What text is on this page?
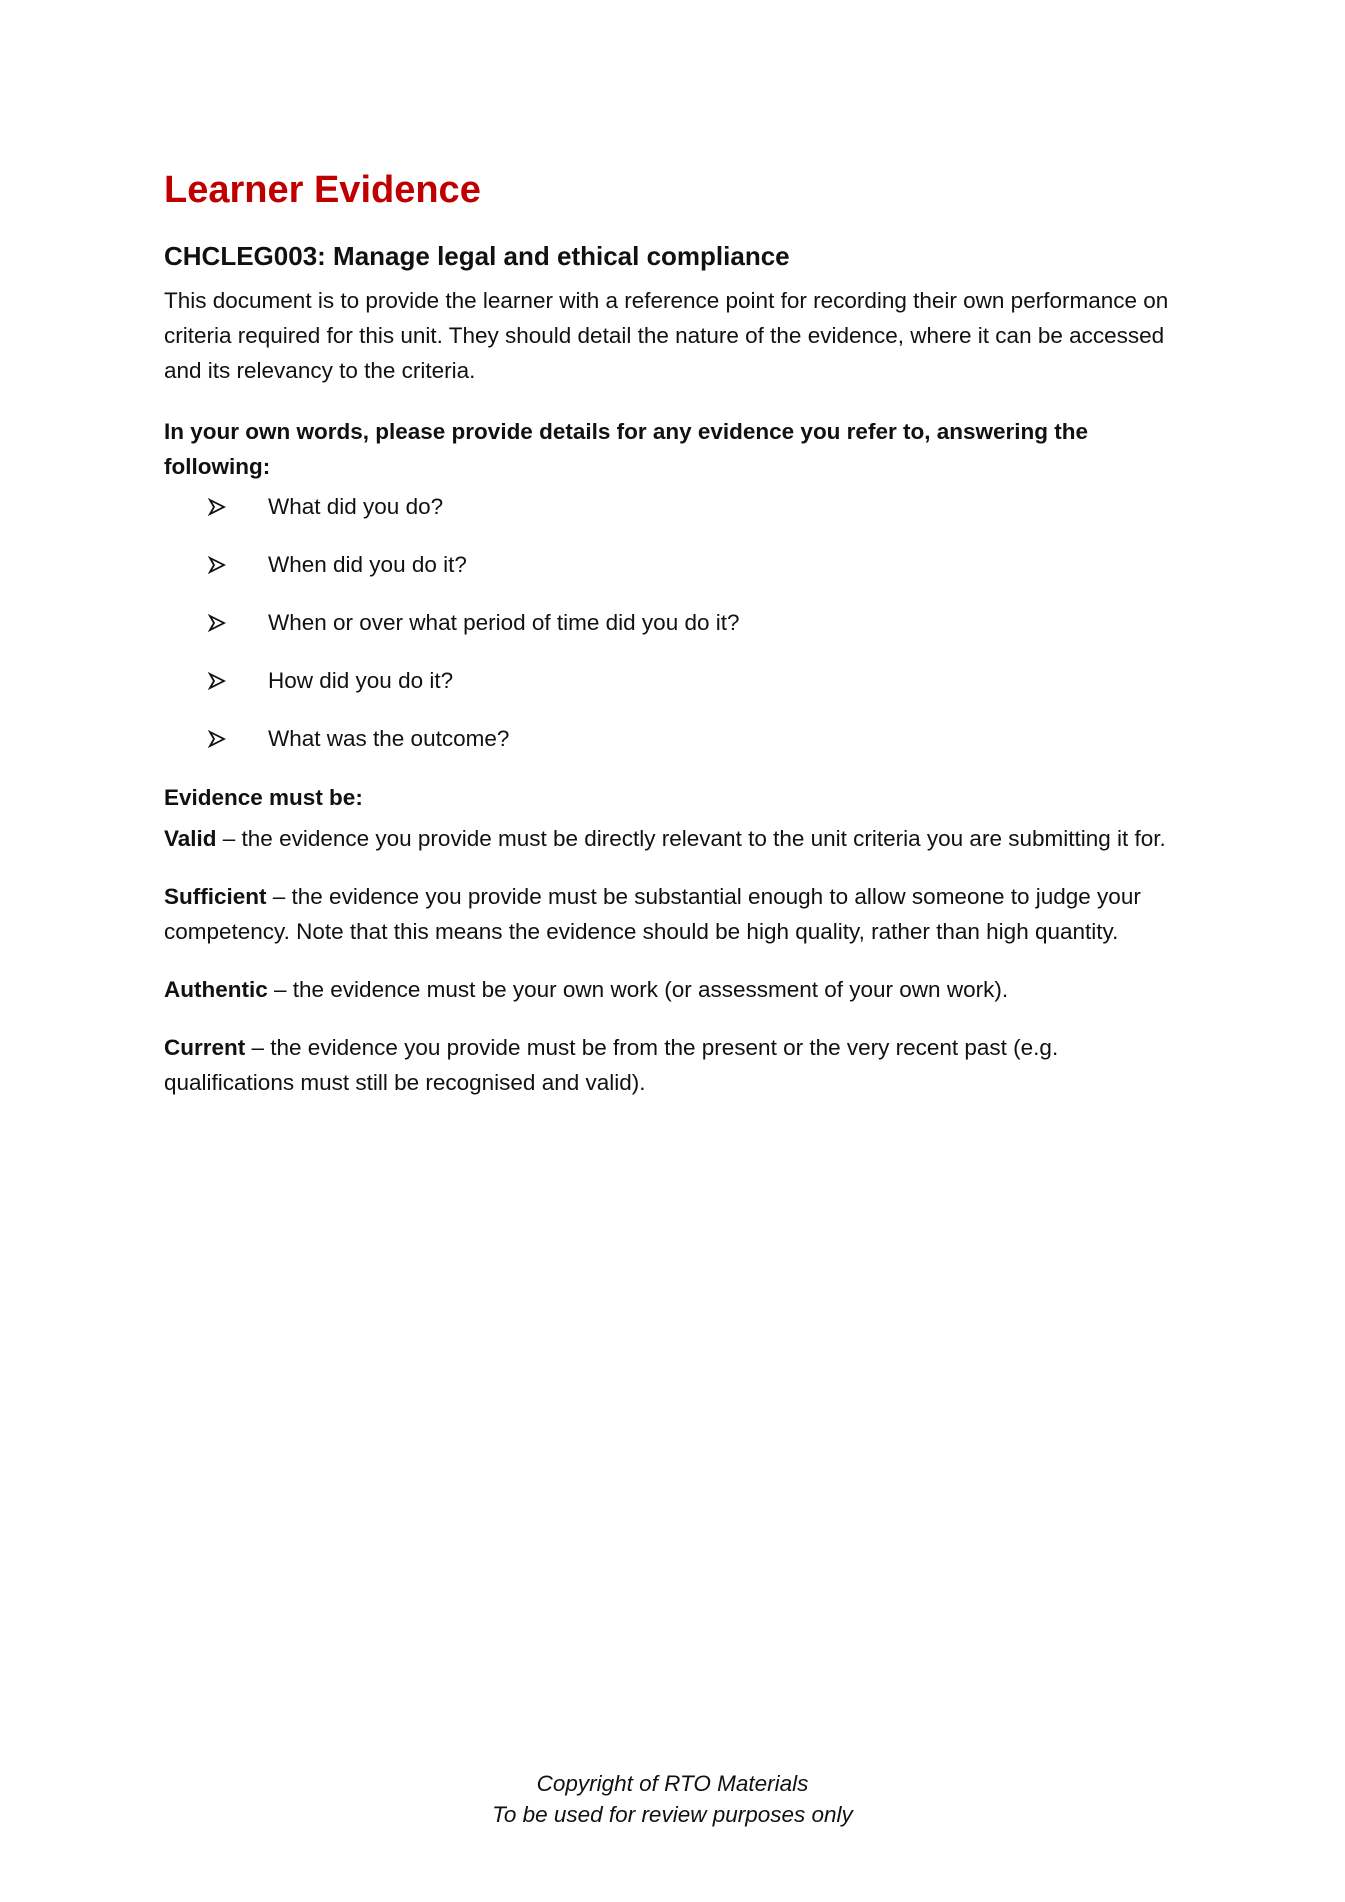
Learner Evidence
CHCLEG003: Manage legal and ethical compliance

This document is to provide the learner with a reference point for recording their own performance on criteria required for this unit. They should detail the nature of the evidence, where it can be accessed and its relevancy to the criteria.

In your own words, please provide details for any evidence you refer to, answering the following:

What did you do?
When did you do it?
When or over what period of time did you do it?
How did you do it?
What was the outcome?

Evidence must be:

Valid – the evidence you provide must be directly relevant to the unit criteria you are submitting it for.

Sufficient – the evidence you provide must be substantial enough to allow someone to judge your competency. Note that this means the evidence should be high quality, rather than high quantity.

Authentic – the evidence must be your own work (or assessment of your own work).

Current – the evidence you provide must be from the present or the very recent past (e.g. qualifications must still be recognised and valid).

Copyright of RTO Materials
To be used for review purposes only
